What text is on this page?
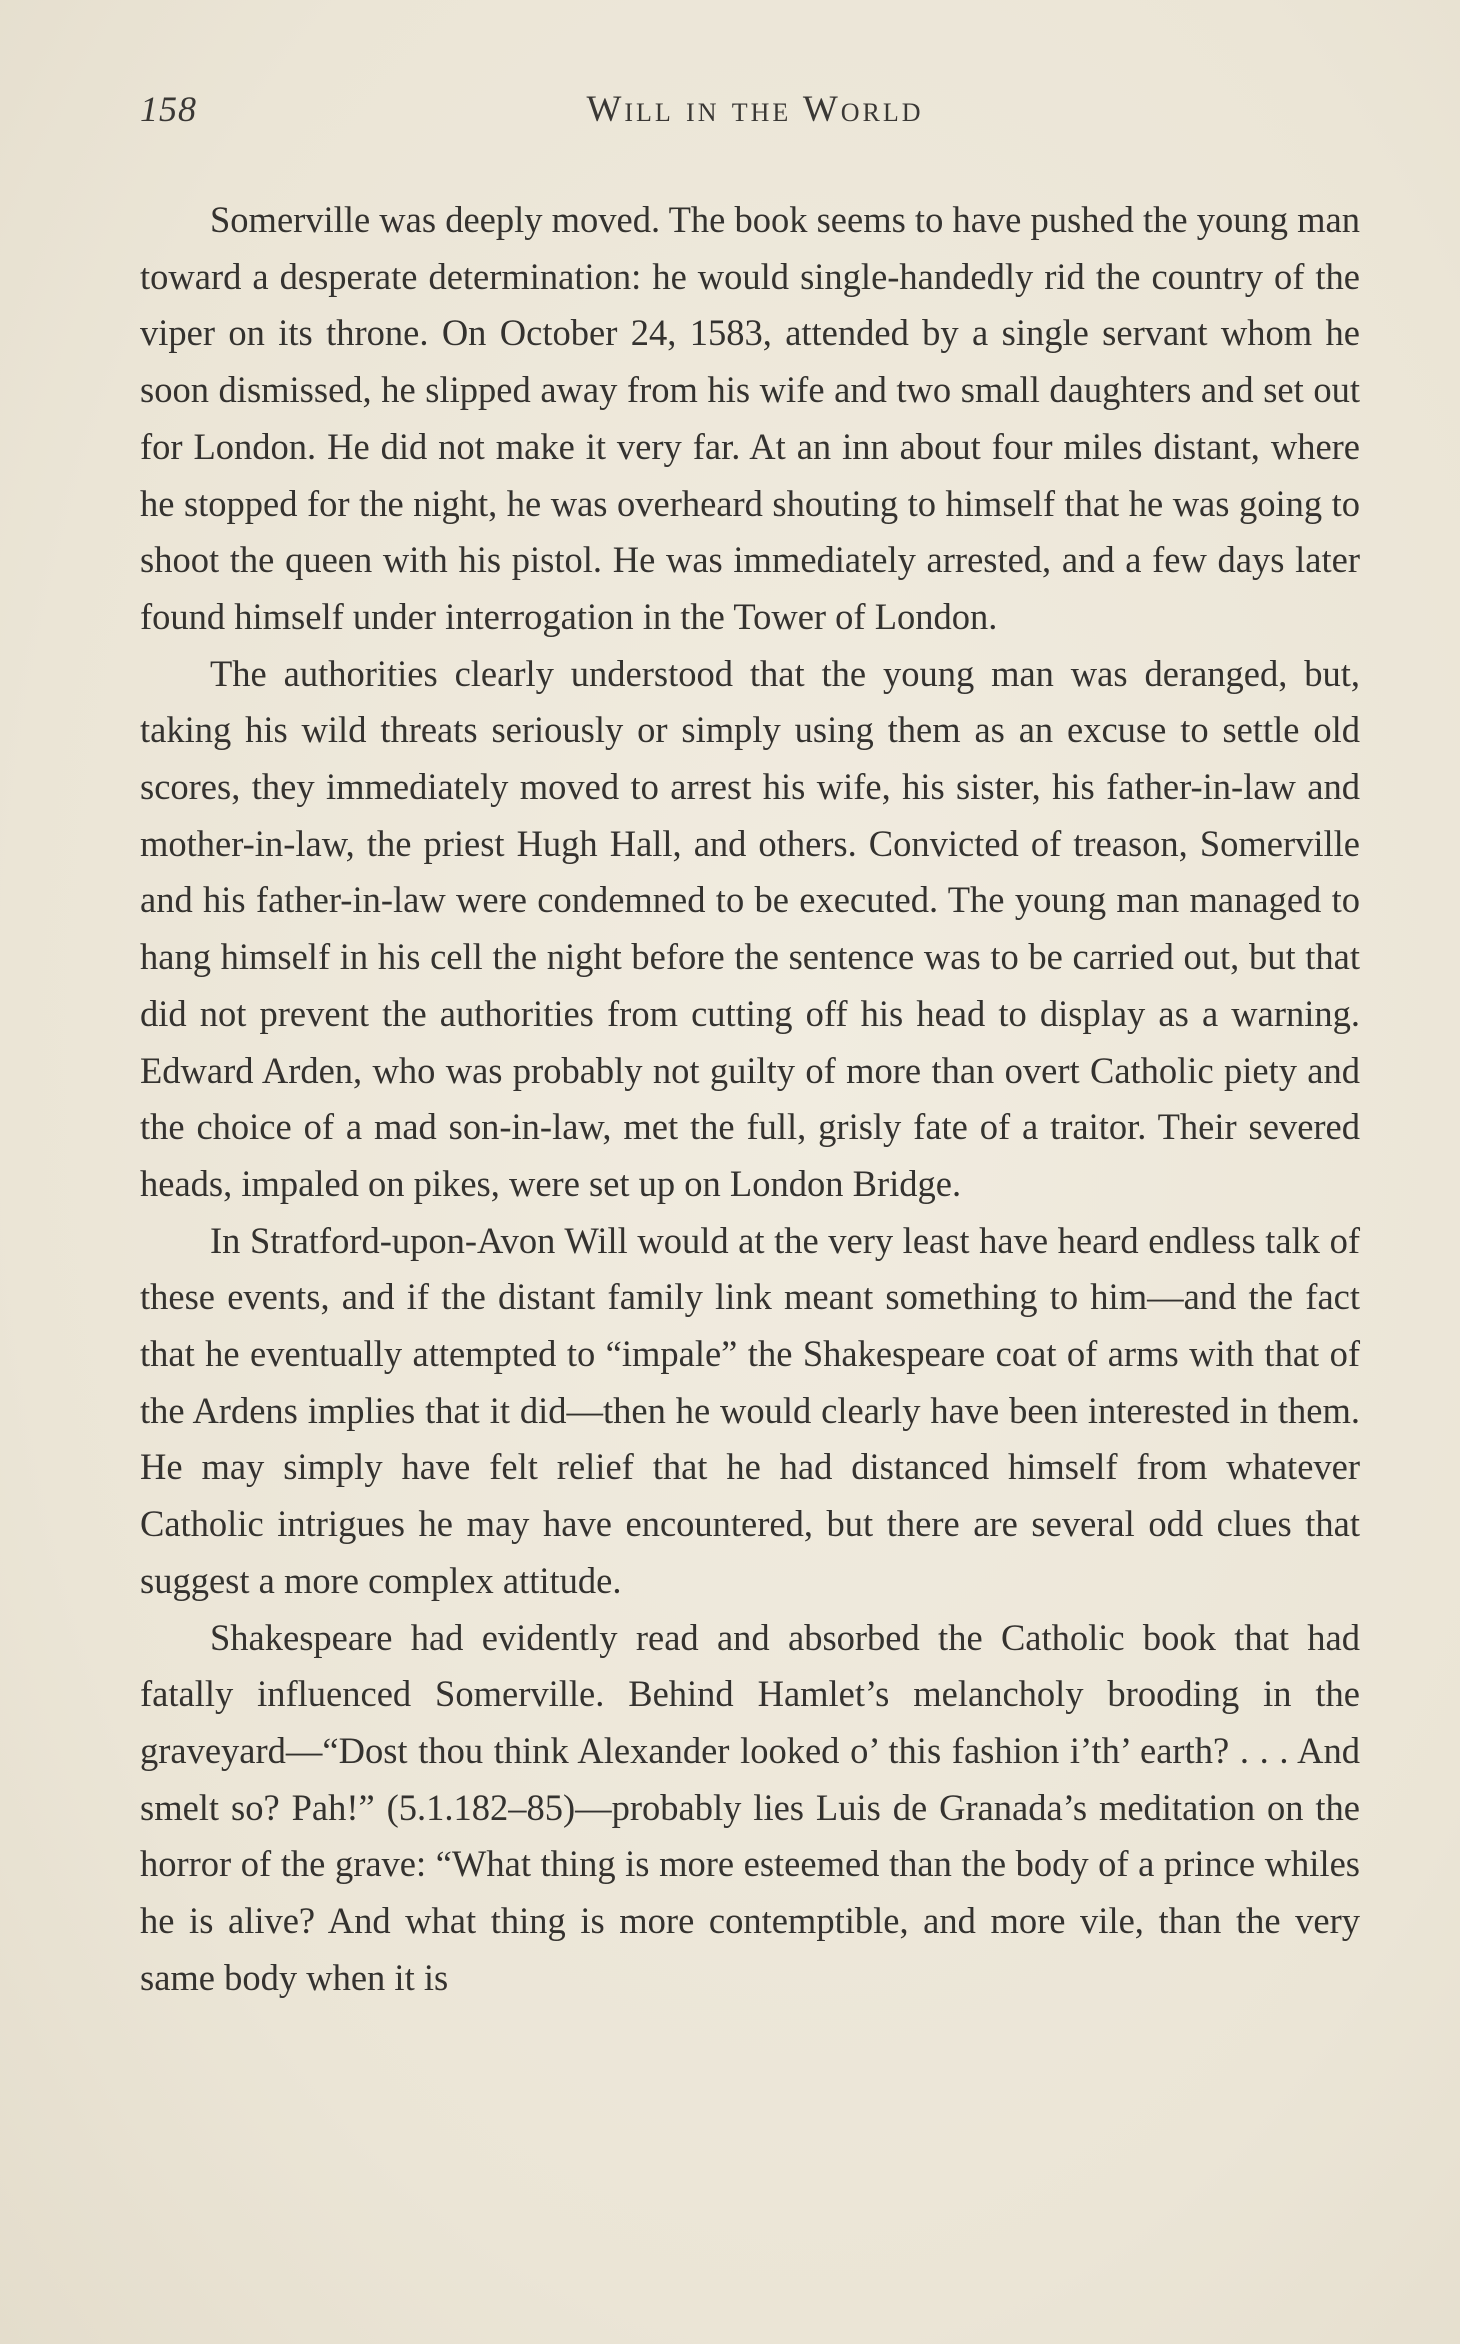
158	Will in the World

Somerville was deeply moved. The book seems to have pushed the young man toward a desperate determination: he would single-handedly rid the country of the viper on its throne. On October 24, 1583, attended by a single servant whom he soon dismissed, he slipped away from his wife and two small daughters and set out for London. He did not make it very far. At an inn about four miles distant, where he stopped for the night, he was overheard shouting to himself that he was going to shoot the queen with his pistol. He was immediately arrested, and a few days later found himself under interrogation in the Tower of London.

The authorities clearly understood that the young man was deranged, but, taking his wild threats seriously or simply using them as an excuse to settle old scores, they immediately moved to arrest his wife, his sister, his father-in-law and mother-in-law, the priest Hugh Hall, and others. Convicted of treason, Somerville and his father-in-law were condemned to be executed. The young man managed to hang himself in his cell the night before the sentence was to be carried out, but that did not prevent the authorities from cutting off his head to display as a warning. Edward Arden, who was probably not guilty of more than overt Catholic piety and the choice of a mad son-in-law, met the full, grisly fate of a traitor. Their severed heads, impaled on pikes, were set up on London Bridge.

In Stratford-upon-Avon Will would at the very least have heard endless talk of these events, and if the distant family link meant something to him—and the fact that he eventually attempted to “impale” the Shakespeare coat of arms with that of the Ardens implies that it did—then he would clearly have been interested in them. He may simply have felt relief that he had distanced himself from whatever Catholic intrigues he may have encountered, but there are several odd clues that suggest a more complex attitude.

Shakespeare had evidently read and absorbed the Catholic book that had fatally influenced Somerville. Behind Hamlet’s melancholy brooding in the graveyard—“Dost thou think Alexander looked o’ this fashion i’th’ earth? . . . And smelt so? Pah!” (5.1.182–85)—probably lies Luis de Granada’s meditation on the horror of the grave: “What thing is more esteemed than the body of a prince whiles he is alive? And what thing is more contemptible, and more vile, than the very same body when it is
